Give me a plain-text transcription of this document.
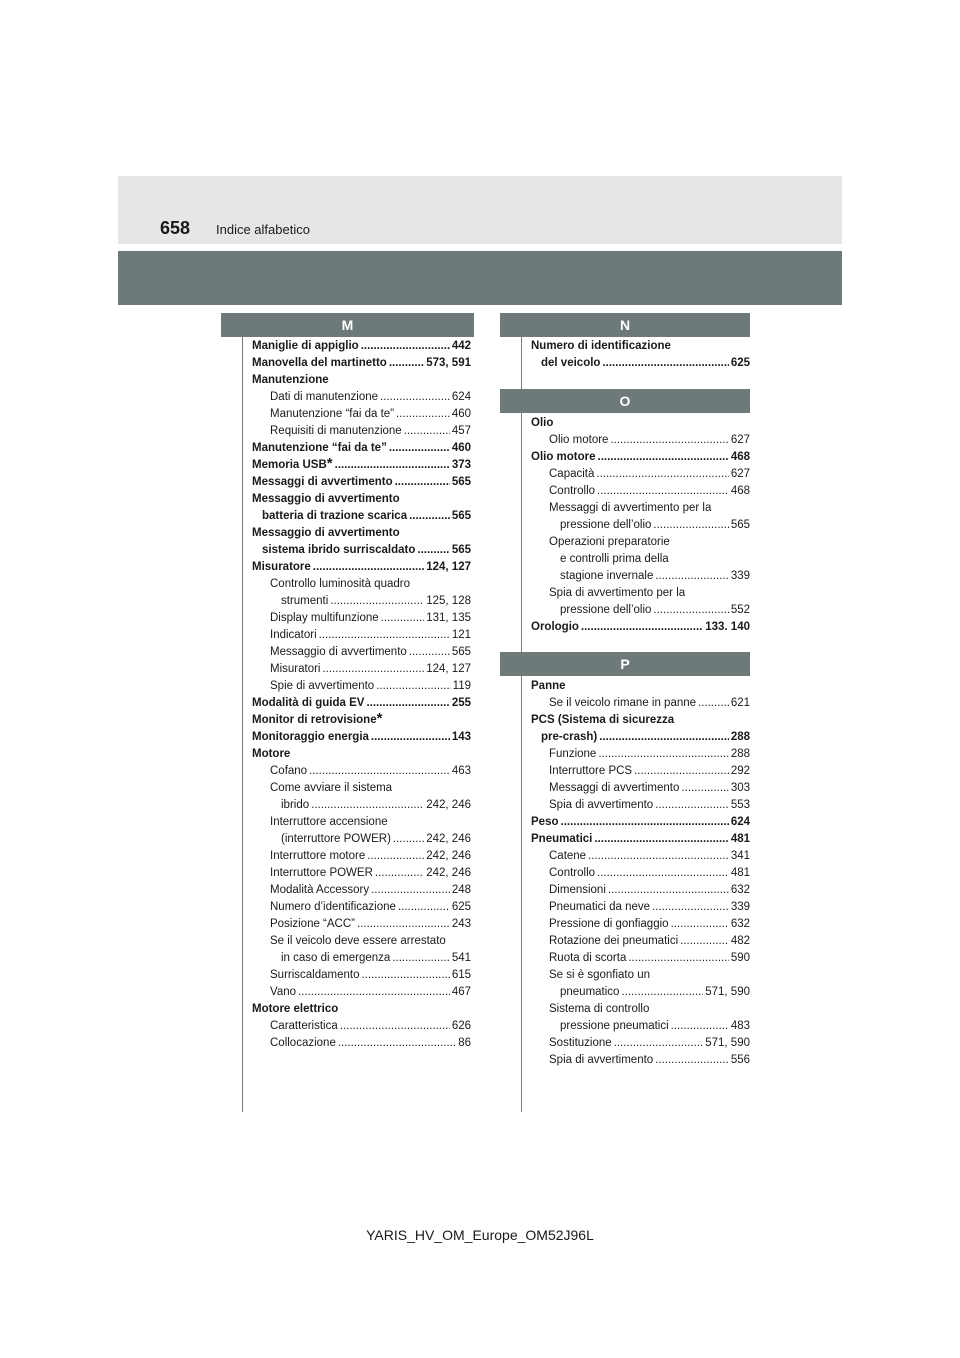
658 Indice alfabetico
M
Maniglie di appiglio .....	442
Manovella del martinetto .....	573, 591
Manutenzione
Dati di manutenzione .....	624
Manutenzione “fai da te” .....	460
Requisiti di manutenzione .....	457
Manutenzione “fai da te” .....	460
Memoria USB * .....	373
Messaggi di avvertimento .....	565
Messaggio di avvertimento
batteria di trazione scarica .....	565
Messaggio di avvertimento
sistema ibrido surriscaldato .....	565
Misuratore .....	124, 127
Controllo luminosità quadro
strumenti .....	125, 128
Display multifunzione .....	131, 135
Indicatori .....	121
Messaggio di avvertimento .....	565
Misuratori .....	124, 127
Spie di avvertimento .....	119
Modalità di guida EV .....	255
Monitor di retrovisione *
Monitoraggio energia .....	143
Motore
Cofano .....	463
Come avviare il sistema
ibrido .....	242, 246
Interruttore accensione
(interruttore POWER) .....	242, 246
Interruttore motore .....	242, 246
Interruttore POWER .....	242, 246
Modalità Accessory .....	248
Numero d’identificazione .....	625
Posizione “ACC” .....	243
Se il veicolo deve essere arrestato
in caso di emergenza .....	541
Surriscaldamento .....	615
Vano .....	467
Motore elettrico
Caratteristica .....	626
Collocazione .....	86
N
Numero di identificazione
del veicolo .....	625
O
Olio
Olio motore .....	627
Olio motore .....	468
Capacità .....	627
Controllo .....	468
Messaggi di avvertimento per la
pressione dell’olio .....	565
Operazioni preparatorie
e controlli prima della
stagione invernale .....	339
Spia di avvertimento per la
pressione dell’olio .....	552
Orologio .....	133. 140
P
Panne
Se il veicolo rimane in panne .....	621
PCS (Sistema di sicurezza
pre-crash) .....	288
Funzione .....	288
Interruttore PCS .....	292
Messaggi di avvertimento .....	303
Spia di avvertimento .....	553
Peso .....	624
Pneumatici .....	481
Catene .....	341
Controllo .....	481
Dimensioni .....	632
Pneumatici da neve .....	339
Pressione di gonfiaggio .....	632
Rotazione dei pneumatici .....	482
Ruota di scorta .....	590
Se si è sgonfiato un
pneumatico .....	571, 590
Sistema di controllo
pressione pneumatici .....	483
Sostituzione .....	571, 590
Spia di avvertimento .....	556
YARIS_HV_OM_Europe_OM52J96L
